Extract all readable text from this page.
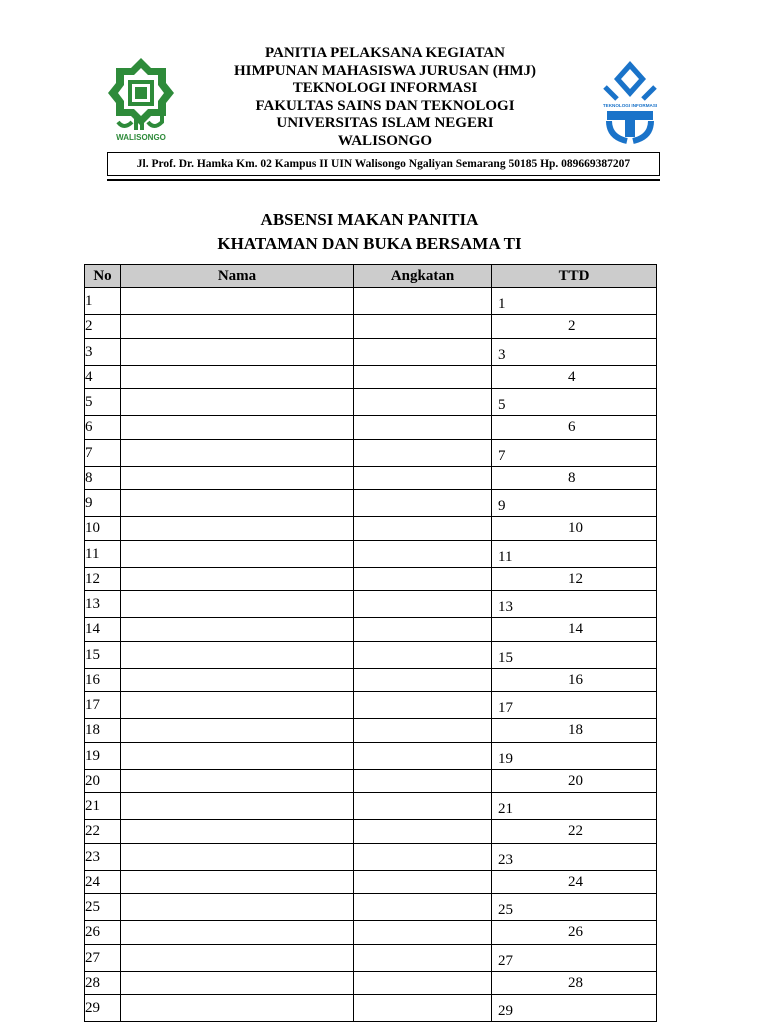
WALISONGO
PANITIA PELAKSANA KEGIATAN
HIMPUNAN MAHASISWA JURUSAN (HMJ)
TEKNOLOGI INFORMASI
FAKULTAS SAINS DAN TEKNOLOGI
UNIVERSITAS ISLAM NEGERI
WALISONGO
TEKNOLOGI INFORMASI
Jl. Prof. Dr. Hamka Km. 02 Kampus II UIN Walisongo Ngaliyan Semarang 50185 Hp. 089669387207
ABSENSI MAKAN PANITIA
KHATAMAN DAN BUKA BERSAMA TI
No	Nama	Angkatan	TTD
1			1

2			2

3			3

4			4

5			5

6			6

7			7

8			8

9			9

10			10

11			11

12			12

13			13

14			14

15			15

16			16

17			17

18			18

19			19

20			20

21			21

22			22

23			23

24			24

25			25

26			26

27			27

28			28

29			29
